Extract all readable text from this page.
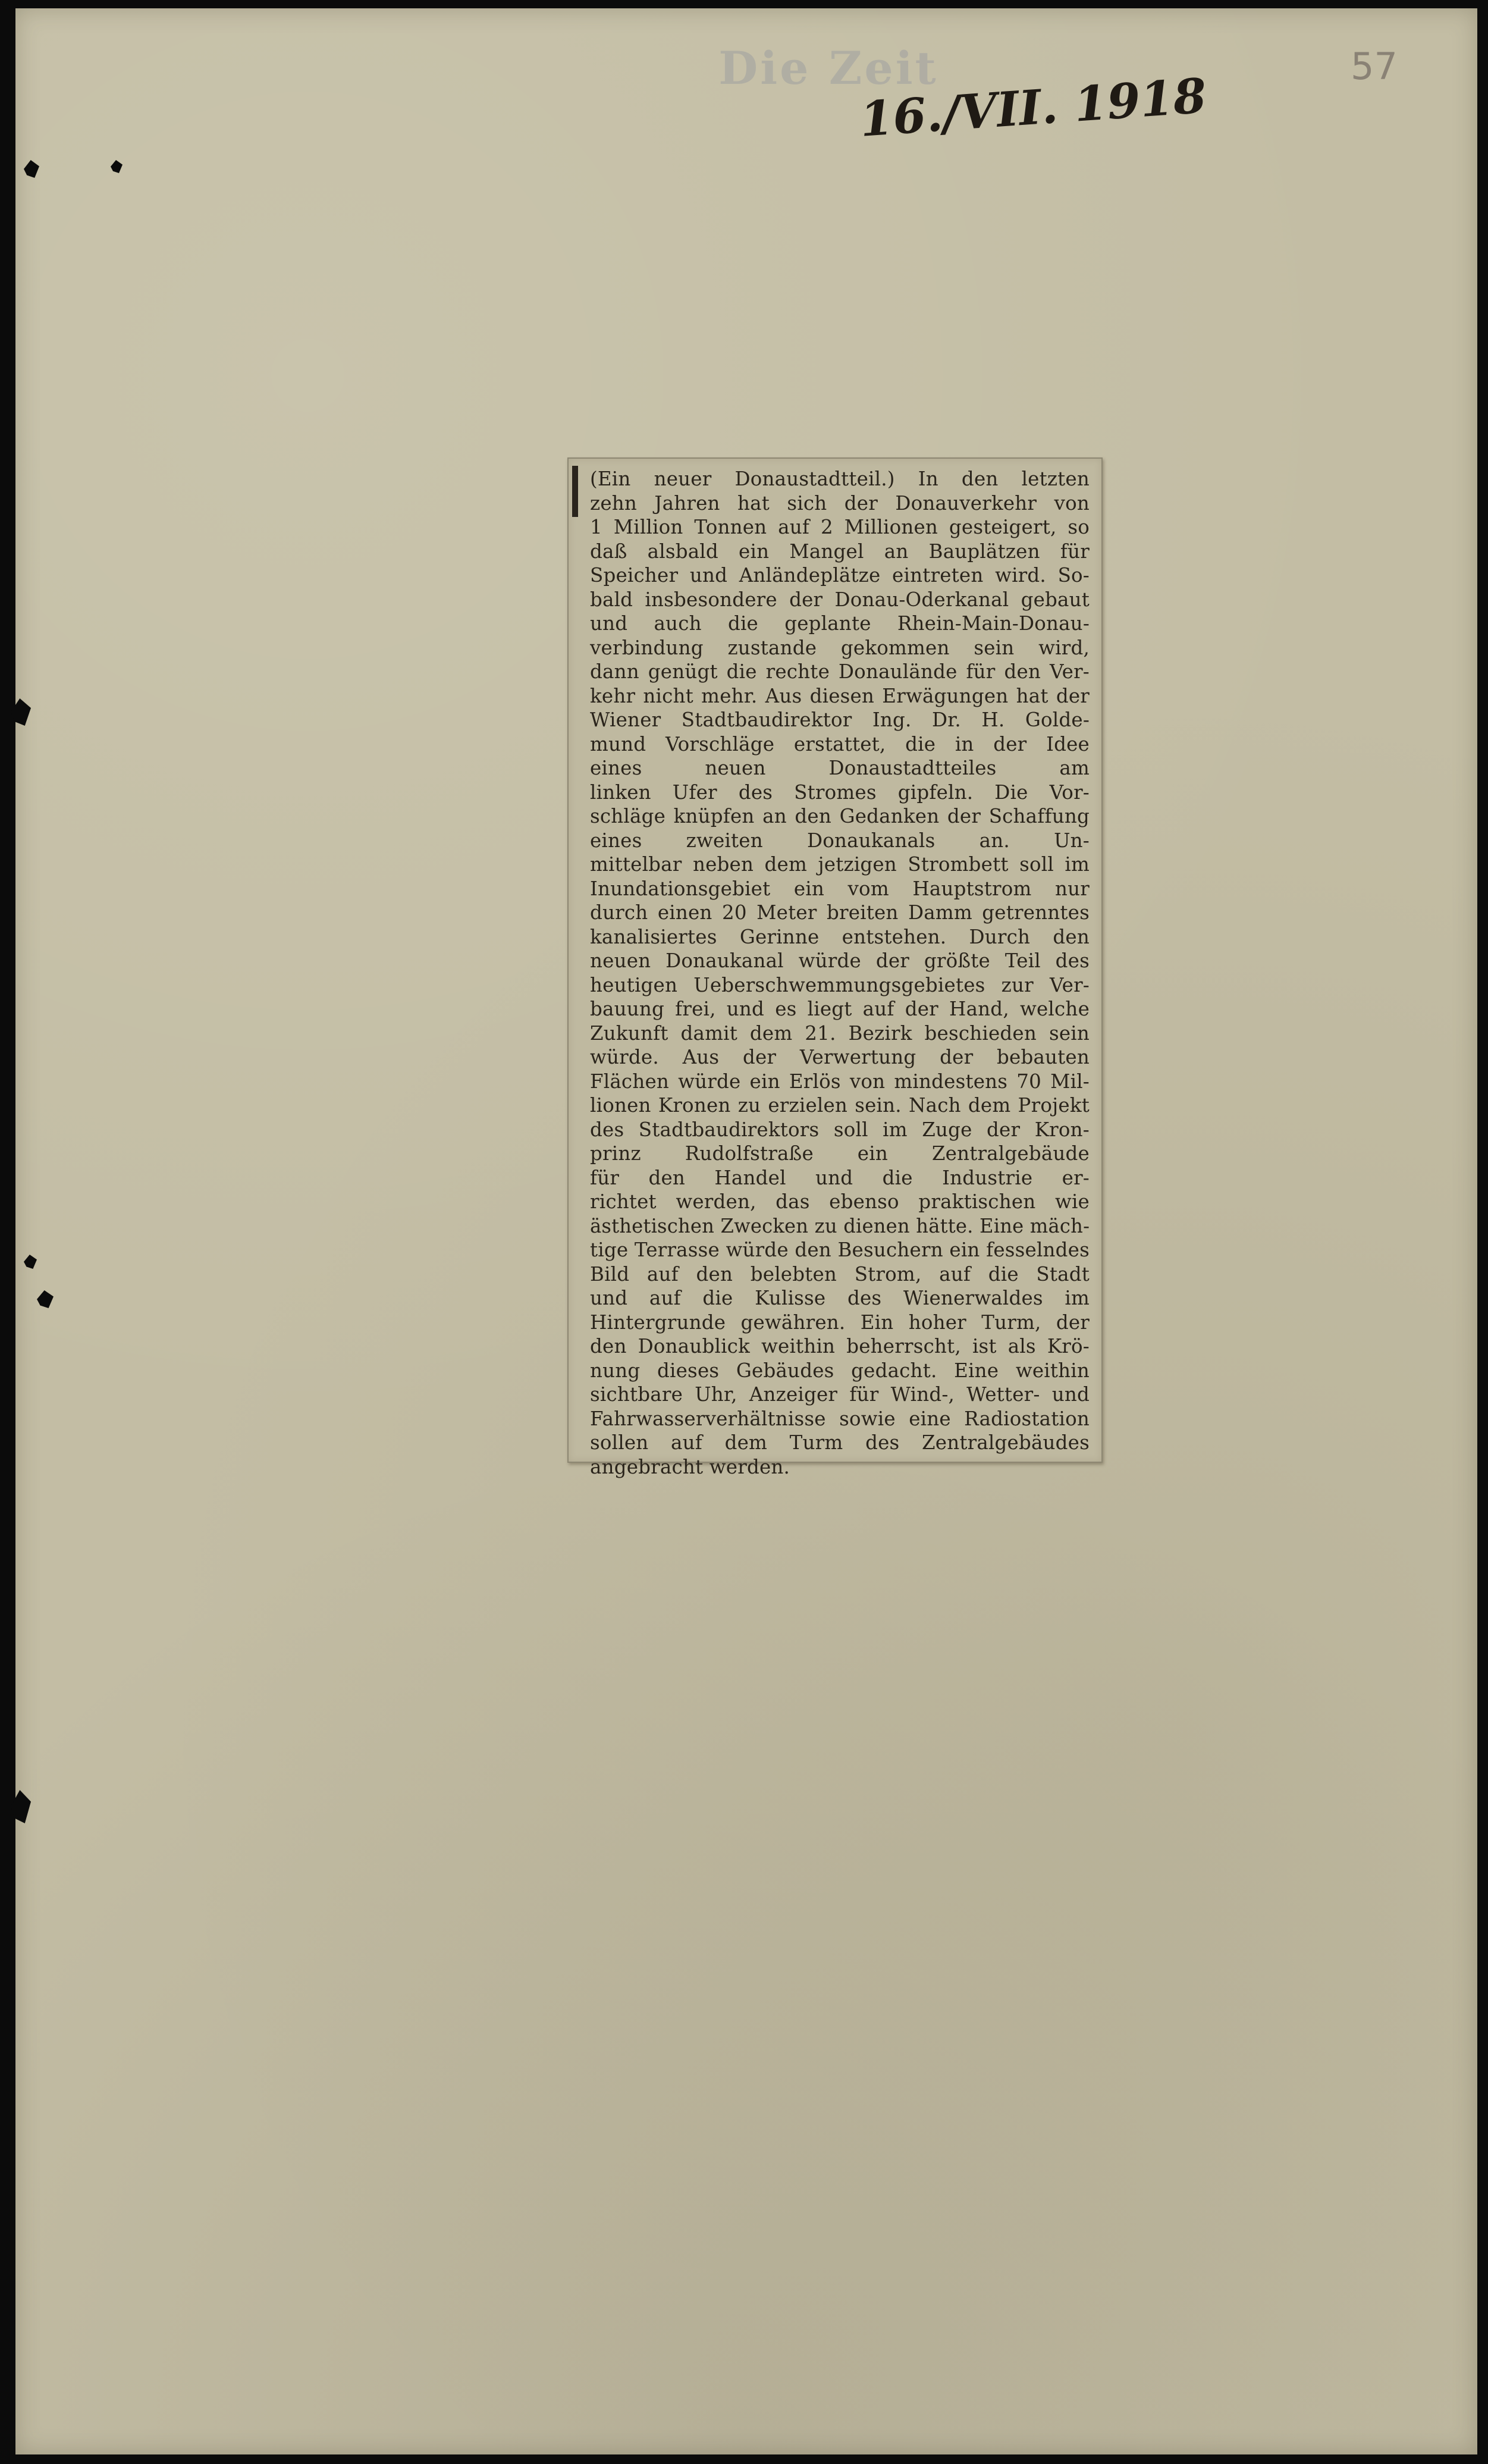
Die Zeit
16./VII. 1918
57
(Ein neuer Donaustadtteil.) In den letzten
zehn Jahren hat sich der Donauverkehr von
1 Million Tonnen auf 2 Millionen gesteigert, so
daß alsbald ein Mangel an Bauplätzen für
Speicher und Anländeplätze eintreten wird. So-
bald insbesondere der Donau-Oderkanal gebaut
und auch die geplante Rhein-Main-Donau-
verbindung zustande gekommen sein wird,
dann genügt die rechte Donaulände für den Ver-
kehr nicht mehr. Aus diesen Erwägungen hat der
Wiener Stadtbaudirektor Ing. Dr. H. Golde-
mund Vorschläge erstattet, die in der Idee
eines neuen Donaustadtteiles am
linken Ufer des Stromes gipfeln. Die Vor-
schläge knüpfen an den Gedanken der Schaffung
eines zweiten Donaukanals an. Un-
mittelbar neben dem jetzigen Strombett soll im
Inundationsgebiet ein vom Hauptstrom nur
durch einen 20 Meter breiten Damm getrenntes
kanalisiertes Gerinne entstehen. Durch den
neuen Donaukanal würde der größte Teil des
heutigen Ueberschwemmungsgebietes zur Ver-
bauung frei, und es liegt auf der Hand, welche
Zukunft damit dem 21. Bezirk beschieden sein
würde. Aus der Verwertung der bebauten
Flächen würde ein Erlös von mindestens 70 Mil-
lionen Kronen zu erzielen sein. Nach dem Projekt
des Stadtbaudirektors soll im Zuge der Kron-
prinz Rudolfstraße ein Zentralgebäude
für den Handel und die Industrie er-
richtet werden, das ebenso praktischen wie
ästhetischen Zwecken zu dienen hätte. Eine mäch-
tige Terrasse würde den Besuchern ein fesselndes
Bild auf den belebten Strom, auf die Stadt
und auf die Kulisse des Wienerwaldes im
Hintergrunde gewähren. Ein hoher Turm, der
den Donaublick weithin beherrscht, ist als Krö-
nung dieses Gebäudes gedacht. Eine weithin
sichtbare Uhr, Anzeiger für Wind-, Wetter- und
Fahrwasserverhältnisse sowie eine Radiostation
sollen auf dem Turm des Zentralgebäudes
angebracht werden.
